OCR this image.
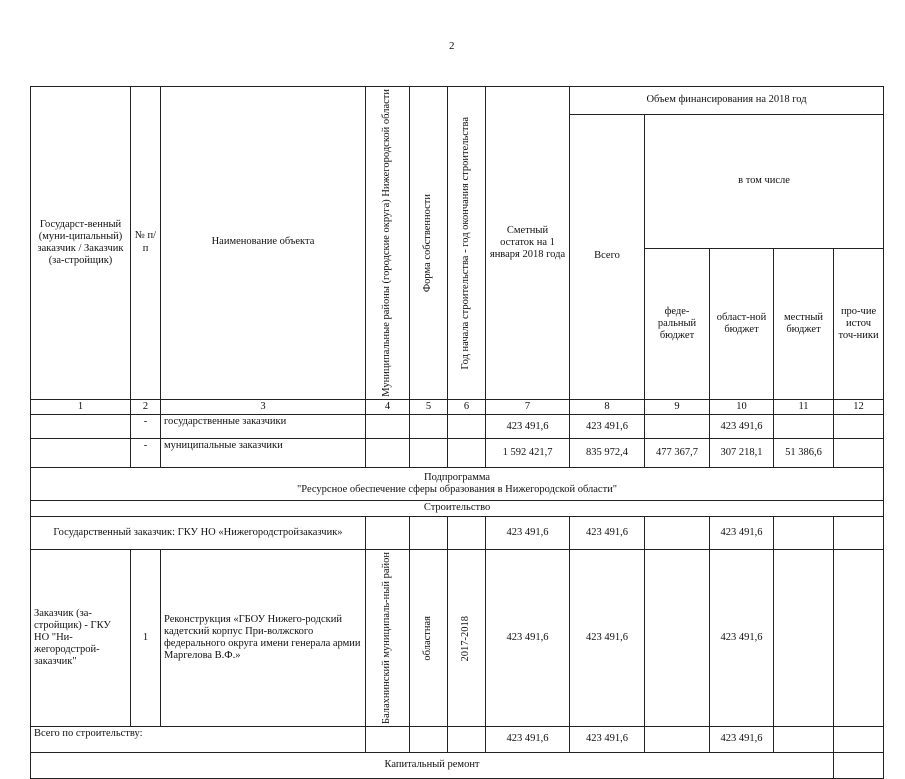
2
Государст-венный (муни-ципальный) заказчик / Заказчик (за-стройщик)	№ п/п	Наименование объекта	Муниципальные районы (городские округа) Нижегородской области	Форма собственности	Год начала строительства - год окончания строительства	Сметный остаток на 1 января 2018 года	Объем финансирования на 2018 год				
							Всего	в том числе			
								феде-ральный бюджет	област-ной бюджет	местный бюджет	про-чие источ точ-ники
1	2	3	4	5	6	7	8	9	10	11	12
	-	государственные заказчики				423 491,6	423 491,6		423 491,6		
	-	муниципальные заказчики				1 592 421,7	835 972,4	477 367,7	307 218,1	51 386,6	

Подпрограмма
"Ресурсное обеспечение сферы образования в Нижегородской области"											

Строительство											
Государственный заказчик: ГКУ НО «Нижегородстройзаказчик»						423 491,6	423 491,6		423 491,6		
Заказчик (за-стройщик) - ГКУ НО "Ни-жегородстрой-заказчик"	1	Реконструкция «ГБОУ Нижего-родский кадетский корпус При-волжского федерального округа имени генерала армии Маргелова В.Ф.»	Балахнинский муниципаль-ный район	областная	2017-2018	423 491,6	423 491,6		423 491,6		
Всего по строительству:						423 491,6	423 491,6		423 491,6		
Капитальный ремонт											
